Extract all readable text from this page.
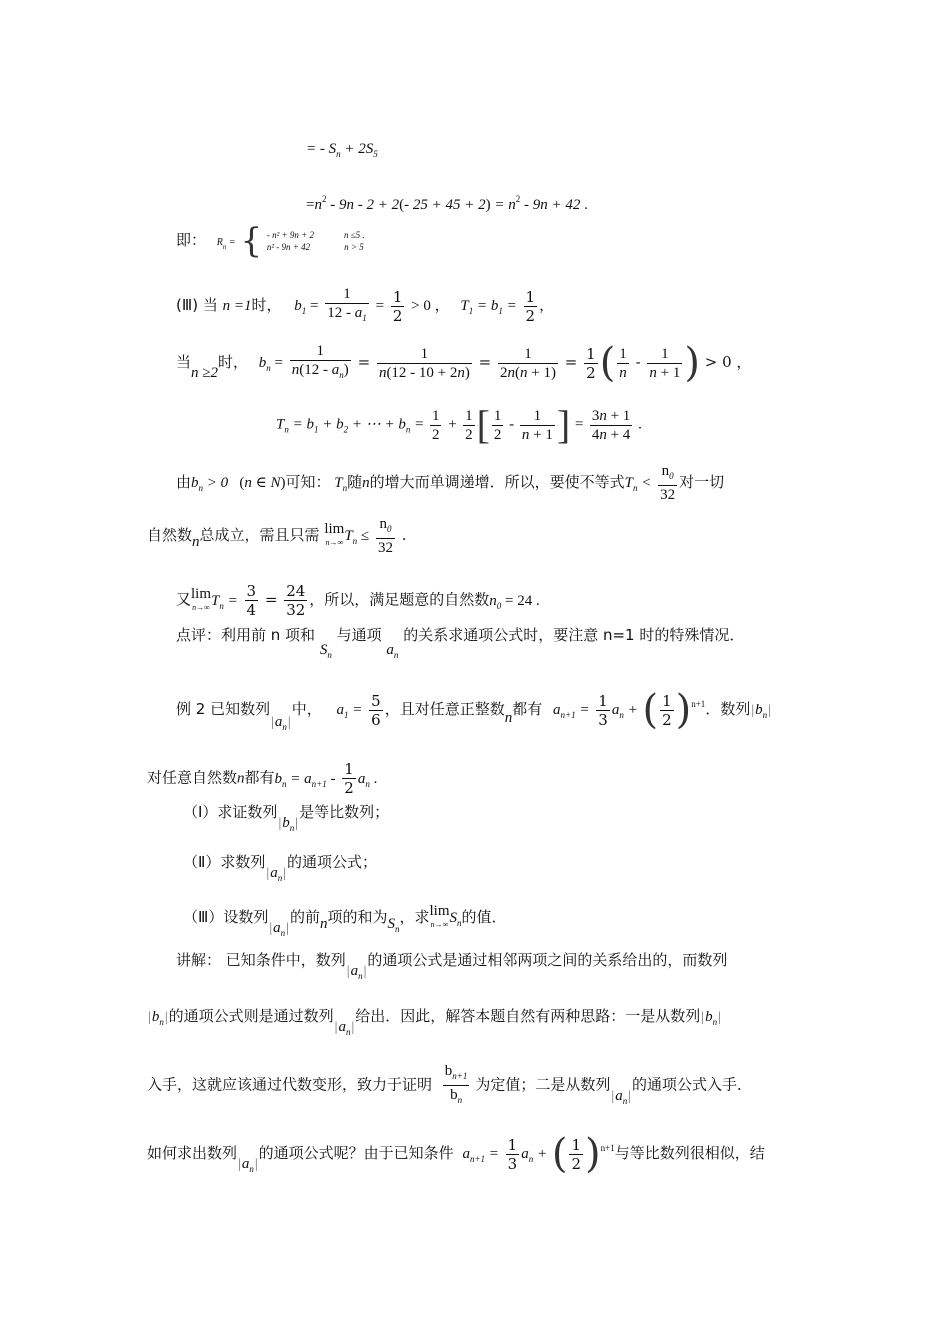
= - $S_n + 2S_5$
$=n^2 - 9n - 2 + 2(-$ $25 + 45 + 2) = n^2 - 9n + 42$ .
即： $R_n$ = { - n² + 9n + 2	n ≤5 .
n² - 9n + 42	n > 5
(Ⅲ) 当 n =1时， $b_1 = \frac{1}{12 - a_1} = \frac{1}{2} > 0$ ， $T_1 = b_1 = \frac{1}{2}$ ，
当n ≥2时， $b_n = \frac{1}{n(12 - a_n)} = \frac{1}{n(12 - 10 + 2n)} = \frac{1}{2n(n + 1)} = \frac{1}{2}$ ( $\frac{1}{n} - \frac{1}{n + 1}$ ) > 0 ，
$T_n = b_1 + b_2$ + ⋯ + $b_n = \frac{1}{2} + \frac{1}{2}$ [ $\frac{1}{2} - \frac{1}{n + 1}$ ] = $\frac{3n + 1}{4n + 4}$ .
由$b_n > 0$   (n ∈ N)可知： $T_n$随n的增大而单调递增．所以，要使不等式$T_n < \frac{n_0}{32}$ 对一切
自然数n总成立，需且只需 lim
n→∞ $T_n \le \frac{n_0}{32}$ .
又 lim
n→∞ $T_n = \frac{3}{4} = \frac{24}{32}$ ，所以，满足题意的自然数$n_0 = 24$ .
点评：利用前 n 项和 $S_n$ 与通项 $a_n$ 的关系求通项公式时，要注意 n=1 时的特殊情况．
例 2 已知数列$|a_n|$中， $a_1 = \frac{5}{6}$ ，且对任意正整数n都有 $a_{n+1} = \frac{1}{3} a_n$ + ( $\frac{1}{2} )^{n+1}$．数列$|b_n|$
对任意自然数n都有$b_n = a_{n+1} - \frac{1}{2} a_n$ .
（Ⅰ）求证数列$|b_n|$是等比数列；
（Ⅱ）求数列$|a_n|$的通项公式；
（Ⅲ）设数列$|a_n|$的前n项的和为$S_n$，求 lim
n→∞ $S_n$的值．
讲解： 已知条件中，数列$|a_n|$的通项公式是通过相邻两项之间的关系给出的，而数列
$|b_n|$的通项公式则是通过数列$|a_n|$给出．因此，解答本题自然有两种思路：一是从数列$|b_n|$
入手，这就应该通过代数变形，致力于证明 $\frac{b_{n+1}}{b_n}$ 为定值；二是从数列$|a_n|$的通项公式入手．
如何求出数列$|a_n|$的通项公式呢？由于已知条件 $a_{n+1} = \frac{1}{3} a_n$ + ( $\frac{1}{2} )^{n+1}$与等比数列很相似，结
